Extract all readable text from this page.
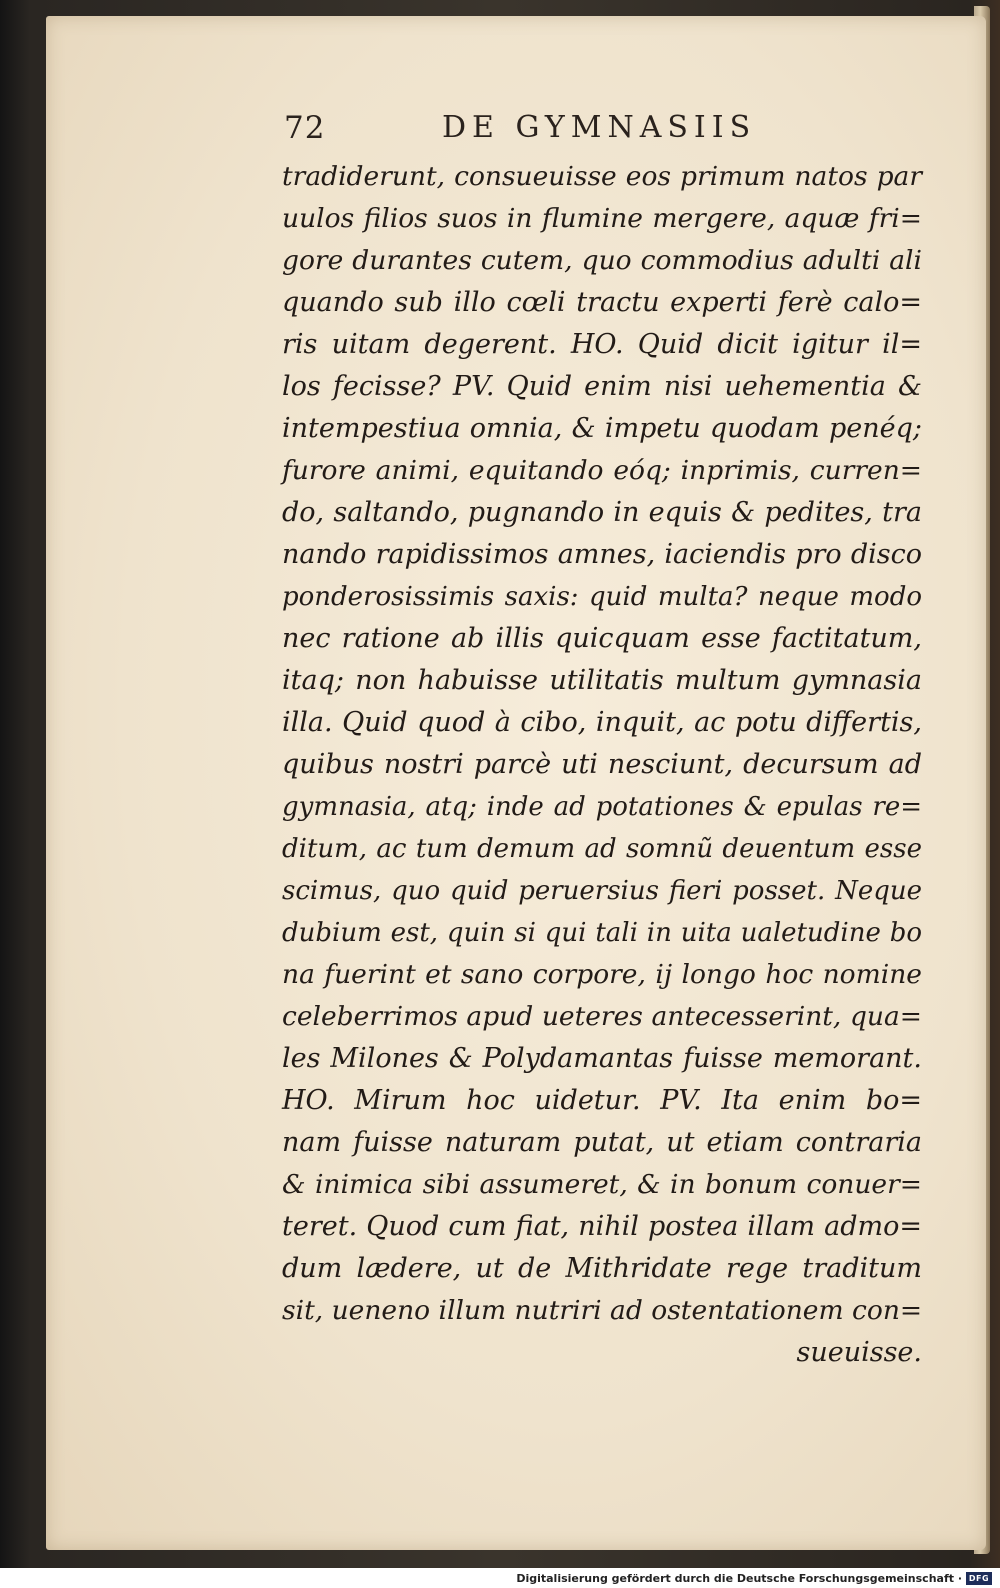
72	DE GYMNASIIS
tradiderunt, consueuisse eos primum natos par
uulos filios suos in flumine mergere, aquæ fri=
gore durantes cutem, quo commodius adulti ali
quando sub illo cœli tractu experti ferè calo=
ris uitam degerent. HO. Quid dicit igitur il=
los fecisse? PV. Quid enim nisi uehementia &
intempestiua omnia, & impetu quodam penéq;
furore animi, equitando eóq; inprimis, curren=
do, saltando, pugnando in equis & pedites, tra
nando rapidissimos amnes, iaciendis pro disco
ponderosissimis saxis: quid multa? neque modo
nec ratione ab illis quicquam esse factitatum,
itaq; non habuisse utilitatis multum gymnasia
illa. Quid quod à cibo, inquit, ac potu differtis,
quibus nostri parcè uti nesciunt, decursum ad
gymnasia, atq; inde ad potationes & epulas re=
ditum, ac tum demum ad somnũ deuentum esse
scimus, quo quid peruersius fieri posset. Neque
dubium est, quin si qui tali in uita ualetudine bo
na fuerint et sano corpore, ij longo hoc nomine
celeberrimos apud ueteres antecesserint, qua=
les Milones & Polydamantas fuisse memorant.
HO. Mirum hoc uidetur. PV. Ita enim bo=
nam fuisse naturam putat, ut etiam contraria
& inimica sibi assumeret, & in bonum conuer=
teret. Quod cum fiat, nihil postea illam admo=
dum lædere, ut de Mithridate rege traditum
sit, ueneno illum nutriri ad ostentationem con=
sueuisse.
Digitalisierung gefördert durch die Deutsche Forschungsgemeinschaft · DFG
